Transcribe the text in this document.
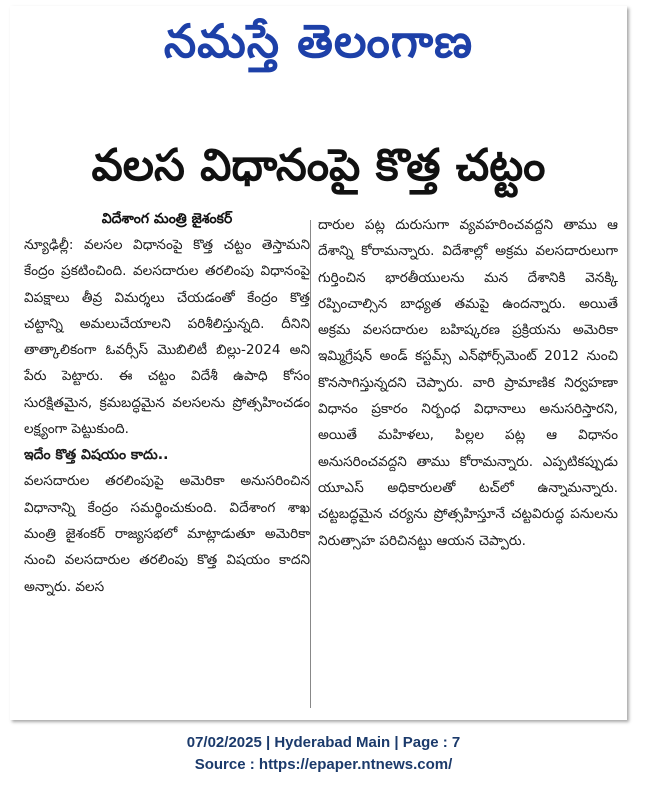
నమస్తే తెలంగాణ
వలస విధానంపై కొత్త చట్టం
విదేశాంగ మంత్రి జైశంకర్

న్యూఢిల్లీ: వలసల విధానంపై కొత్త చట్టం తెస్తామని కేంద్రం ప్రకటించింది. వలసదారుల తరలింపు విధానంపై విపక్షాలు తీవ్ర విమర్శలు చేయడంతో కేంద్రం కొత్త చట్టాన్ని అమలుచేయాలని పరిశీలిస్తున్నది. దీనిని తాత్కాలికంగా ఓవర్సీస్ మొబిలిటీ బిల్లు-2024 అని పేరు పెట్టారు. ఈ చట్టం విదేశీ ఉపాధి కోసం సురక్షితమైన, క్రమబద్ధమైన వలసలను ప్రోత్సహించడం లక్ష్యంగా పెట్టుకుంది.

ఇదేం కొత్త విషయం కాదు..

వలసదారుల తరలింపుపై అమెరికా అనుసరించిన విధానాన్ని కేంద్రం సమర్థించుకుంది. విదేశాంగ శాఖ మంత్రి జైశంకర్ రాజ్యసభలో మాట్లాడుతూ అమెరికా నుంచి వలసదారుల తరలింపు కొత్త విషయం కాదని అన్నారు. వలస

దారుల పట్ల దురుసుగా వ్యవహరించవద్దని తాము ఆ దేశాన్ని కోరామన్నారు. విదేశాల్లో అక్రమ వలసదారులుగా గుర్తించిన భారతీయులను మన దేశానికి వెనక్కి రప్పించాల్సిన బాధ్యత తమపై ఉందన్నారు. అయితే అక్రమ వలసదారుల బహిష్కరణ ప్రక్రియను అమెరికా ఇమ్మిగ్రేషన్ అండ్ కస్టమ్స్ ఎన్‌ఫోర్స్‌మెంట్ 2012 నుంచి కొనసాగిస్తున్నదని చెప్పారు. వారి ప్రామాణిక నిర్వహణా విధానం ప్రకారం నిర్బంధ విధానాలు అనుసరిస్తారని, అయితే మహిళలు, పిల్లల పట్ల ఆ విధానం అనుసరించవద్దని తాము కోరామన్నారు. ఎప్పటికప్పుడు యూఎస్ అధికారులతో టచ్‌లో ఉన్నామన్నారు. చట్టబద్ధమైన చర్యను ప్రోత్సహిస్తూనే చట్టవిరుద్ధ పనులను నిరుత్సాహ పరిచినట్టు ఆయన చెప్పారు.

07/02/2025 | Hyderabad Main | Page : 7
Source : https://epaper.ntnews.com/
